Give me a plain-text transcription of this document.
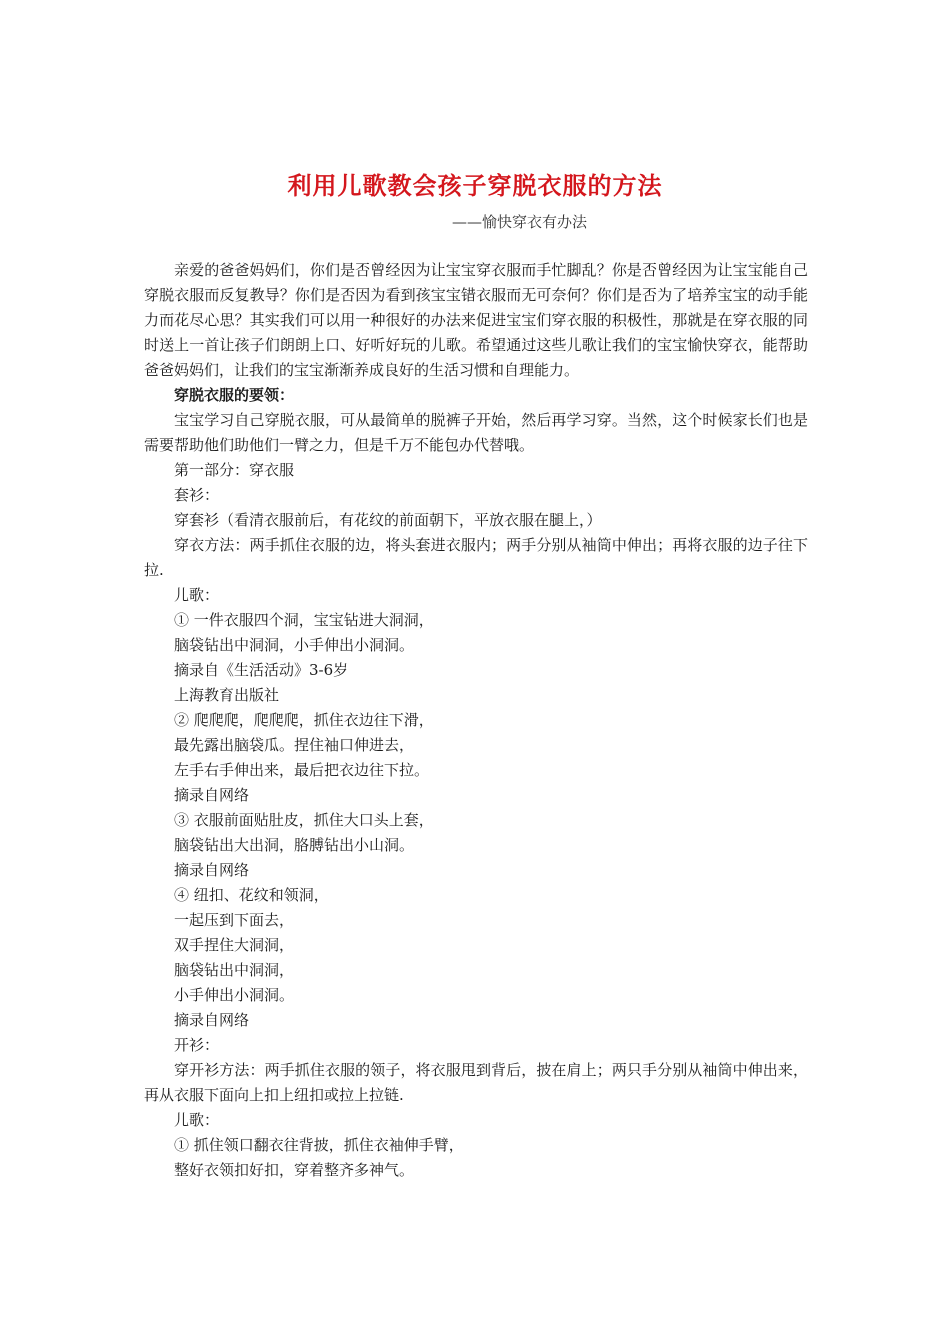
利用儿歌教会孩子穿脱衣服的方法

——愉快穿衣有办法

亲爱的爸爸妈妈们，你们是否曾经因为让宝宝穿衣服而手忙脚乱？你是否曾经因为让宝宝能自己穿脱衣服而反复教导？你们是否因为看到孩宝宝错衣服而无可奈何？你们是否为了培养宝宝的动手能力而花尽心思？其实我们可以用一种很好的办法来促进宝宝们穿衣服的积极性，那就是在穿衣服的同时送上一首让孩子们朗朗上口、好听好玩的儿歌。希望通过这些儿歌让我们的宝宝愉快穿衣，能帮助爸爸妈妈们，让我们的宝宝渐渐养成良好的生活习惯和自理能力。

穿脱衣服的要领：

宝宝学习自己穿脱衣服，可从最简单的脱裤子开始，然后再学习穿。当然，这个时候家长们也是需要帮助他们助他们一臂之力，但是千万不能包办代替哦。

第一部分：穿衣服

套衫：

穿套衫（看清衣服前后，有花纹的前面朝下，平放衣服在腿上，）

穿衣方法：两手抓住衣服的边，将头套进衣服内；两手分别从袖筒中伸出；再将衣服的边子往下拉.

儿歌：

① 一件衣服四个洞，宝宝钻进大洞洞，

脑袋钻出中洞洞，小手伸出小洞洞。

摘录自《生活活动》3-6岁

上海教育出版社

② 爬爬爬，爬爬爬，抓住衣边往下滑，

最先露出脑袋瓜。捏住袖口伸进去，

左手右手伸出来，最后把衣边往下拉。

摘录自网络

③ 衣服前面贴肚皮，抓住大口头上套，

脑袋钻出大出洞，胳膊钻出小山洞。

摘录自网络

④ 纽扣、花纹和领洞，

一起压到下面去，

双手捏住大洞洞，

脑袋钻出中洞洞，

小手伸出小洞洞。

摘录自网络

开衫：

穿开衫方法：两手抓住衣服的领子，将衣服甩到背后，披在肩上；两只手分别从袖筒中伸出来，再从衣服下面向上扣上纽扣或拉上拉链.

儿歌：

① 抓住领口翻衣往背披，抓住衣袖伸手臂，

整好衣领扣好扣，穿着整齐多神气。
